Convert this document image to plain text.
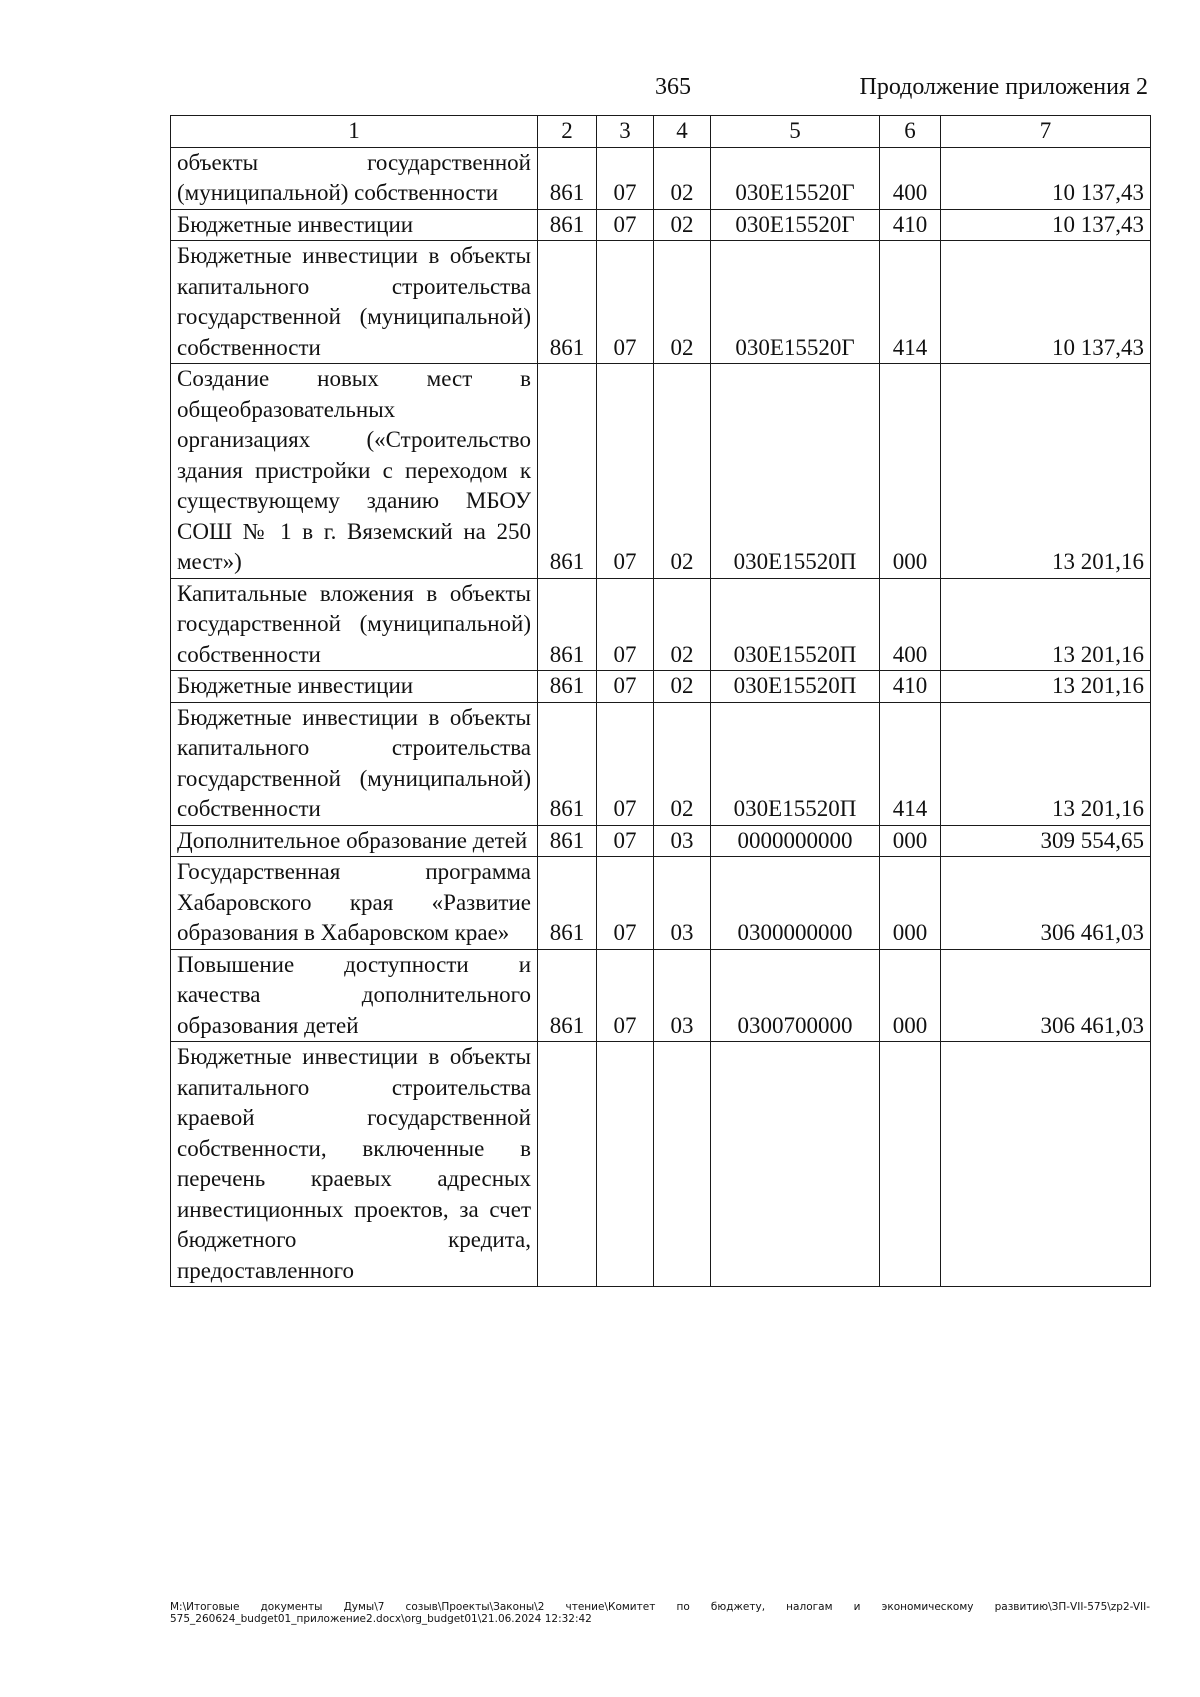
365	Продолжение приложения 2
1	2	3	4	5	6	7
объекты государственной (муниципальной) собственности	861	07	02	030E15520Г	400	10 137,43
Бюджетные инвестиции	861	07	02	030E15520Г	410	10 137,43
Бюджетные инвестиции в объекты капитального строительства государственной (муниципальной) собственности	861	07	02	030E15520Г	414	10 137,43
Создание новых мест в общеобразовательных организациях («Строительство здания пристройки с переходом к существующему зданию МБОУ СОШ № 1 в г. Вяземский на 250 мест»)	861	07	02	030E15520П	000	13 201,16
Капитальные вложения в объекты государственной (муниципальной) собственности	861	07	02	030E15520П	400	13 201,16
Бюджетные инвестиции	861	07	02	030E15520П	410	13 201,16
Бюджетные инвестиции в объекты капитального строительства государственной (муниципальной) собственности	861	07	02	030E15520П	414	13 201,16
Дополнительное образование детей	861	07	03	0000000000	000	309 554,65
Государственная программа Хабаровского края «Развитие образования в Хабаровском крае»	861	07	03	0300000000	000	306 461,03
Повышение доступности и качества дополнительного образования детей	861	07	03	0300700000	000	306 461,03
Бюджетные инвестиции в объекты капитального строительства краевой государственной собственности, включенные в перечень краевых адресных инвестиционных проектов, за счет бюджетного кредита, предоставленного						
М:\Итоговые документы Думы\7 созыв\Проекты\Законы\2 чтение\Комитет по бюджету, налогам и экономическому развитию\ЗП-VII-575\zp2-VII-575_260624_budget01_приложение2.docx\org_budget01\21.06.2024 12:32:42
